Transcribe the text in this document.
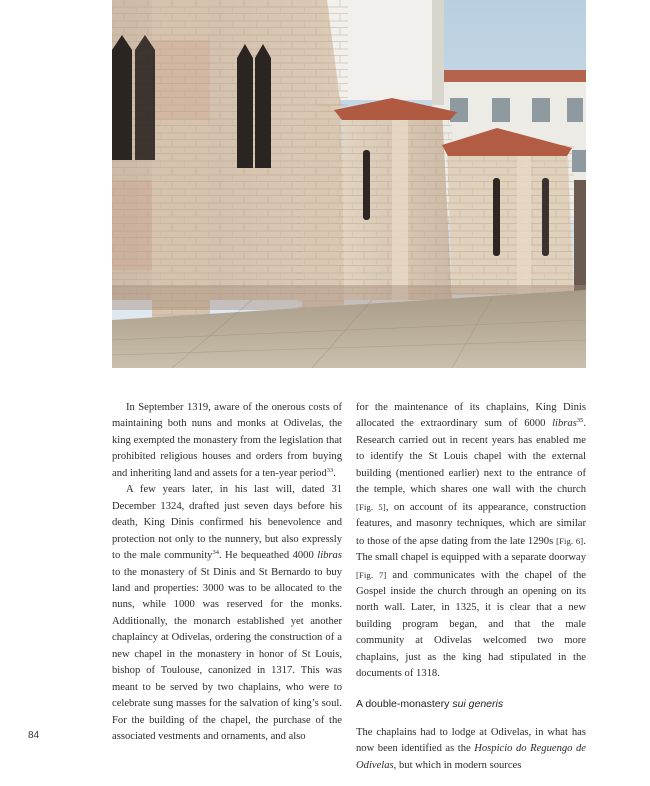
In September 1319, aware of the onerous costs of maintaining both nuns and monks at Odivelas, the king exempted the monastery from the legislation that prohibited religious houses and orders from buying and inheriting land and assets for a ten-year period$^{33}$.

A few years later, in his last will, dated 31 December 1324, drafted just seven days before his death, King Dinis confirmed his benevolence and protection not only to the nunnery, but also expressly to the male community$^{34}$. He bequeathed 4000 libras to the monastery of St Dinis and St Bernardo to buy land and properties: 3000 was to be allocated to the nuns, while 1000 was reserved for the monks. Additionally, the monarch established yet another chaplaincy at Odivelas, ordering the construction of a new chapel in the monastery in honor of St Louis, bishop of Toulouse, canonized in 1317. This was meant to be served by two chaplains, who were to celebrate sung masses for the salvation of king’s soul. For the building of the chapel, the purchase of the associated vestments and ornaments, and also

for the maintenance of its chaplains, King Dinis allocated the extraordinary sum of 6000 libras$^{35}$. Research carried out in recent years has enabled me to identify the St Louis chapel with the external building (mentioned earlier) next to the entrance of the temple, which shares one wall with the church [Fig. 5], on account of its appearance, construction features, and masonry techniques, which are similar to those of the apse dating from the late 1290s [Fig. 6]. The small chapel is equipped with a separate doorway [Fig. 7] and communicates with the chapel of the Gospel inside the church through an opening on its north wall. Later, in 1325, it is clear that a new building program began, and that the male community at Odivelas welcomed two more chaplains, just as the king had stipulated in the documents of 1318.

A double-monastery sui generis

The chaplains had to lodge at Odivelas, in what has now been identified as the Hospicio do Reguengo de Odivelas, but which in modern sources

84
